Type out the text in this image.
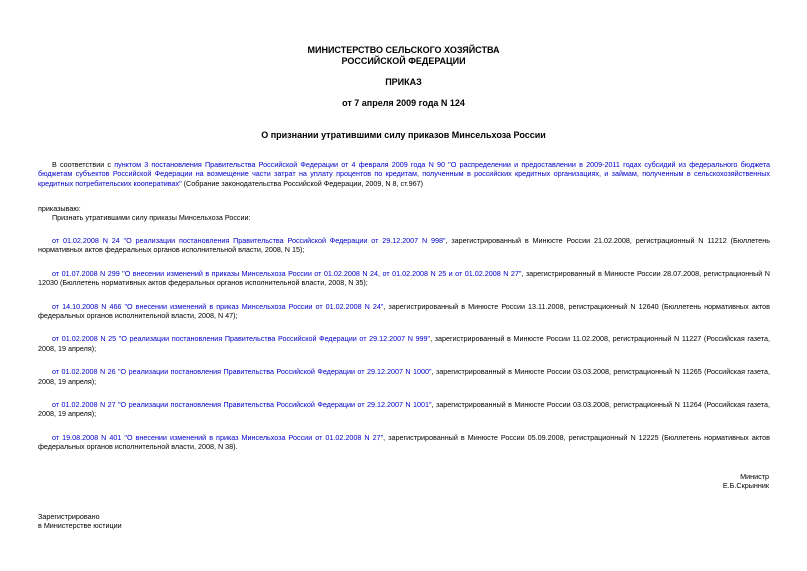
МИНИСТЕРСТВО СЕЛЬСКОГО ХОЗЯЙСТВА
РОССИЙСКОЙ ФЕДЕРАЦИИ
ПРИКАЗ
от 7 апреля 2009 года N 124
О признании утратившими силу приказов Минсельхоза России
В соответствии с пунктом 3 постановления Правительства Российской Федерации от 4 февраля 2009 года N 90 "О распределении и предоставлении в 2009-2011 годах субсидий из федерального бюджета бюджетам субъектов Российской Федерации на возмещение части затрат на уплату процентов по кредитам, полученным в российских кредитных организациях, и займам, полученным в сельскохозяйственных кредитных потребительских кооперативах" (Собрание законодательства Российской Федерации, 2009, N 8, ст.967)
приказываю:
Признать утратившими силу приказы Минсельхоза России:
от 01.02.2008 N 24 "О реализации постановления Правительства Российской Федерации от 29.12.2007 N 998", зарегистрированный в Минюсте России 21.02.2008, регистрационный N 11212 (Бюллетень нормативных актов федеральных органов исполнительной власти, 2008, N 15);
от 01.07.2008 N 299 "О внесении изменений в приказы Минсельхоза России от 01.02.2008 N 24, от 01.02.2008 N 25 и от 01.02.2008 N 27", зарегистрированный в Минюсте России 28.07.2008, регистрационный N 12030 (Бюллетень нормативных актов федеральных органов исполнительной власти, 2008, N 35);
от 14.10.2008 N 466 "О внесении изменений в приказ Минсельхоза России от 01.02.2008 N 24", зарегистрированный в Минюсте России 13.11.2008, регистрационный N 12640 (Бюллетень нормативных актов федеральных органов исполнительной власти, 2008, N 47);
от 01.02.2008 N 25 "О реализации постановления Правительства Российской Федерации от 29.12.2007 N 999", зарегистрированный в Минюсте России 11.02.2008, регистрационный N 11227 (Российская газета, 2008, 19 апреля);
от 01.02.2008 N 26 "О реализации постановления Правительства Российской Федерации от 29.12.2007 N 1000", зарегистрированный в Минюсте России 03.03.2008, регистрационный N 11265 (Российская газета, 2008, 19 апреля);
от 01.02.2008 N 27 "О реализации постановления Правительства Российской Федерации от 29.12.2007 N 1001", зарегистрированный в Минюсте России 03.03.2008, регистрационный N 11264 (Российская газета, 2008, 19 апреля);
от 19.08.2008 N 401 "О внесении изменений в приказ Минсельхоза России от 01.02.2008 N 27", зарегистрированный в Минюсте России 05.09.2008, регистрационный N 12225 (Бюллетень нормативных актов федеральных органов исполнительной власти, 2008, N 38).
Министр
Е.Б.Скрынник
Зарегистрировано
в Министерстве юстиции
